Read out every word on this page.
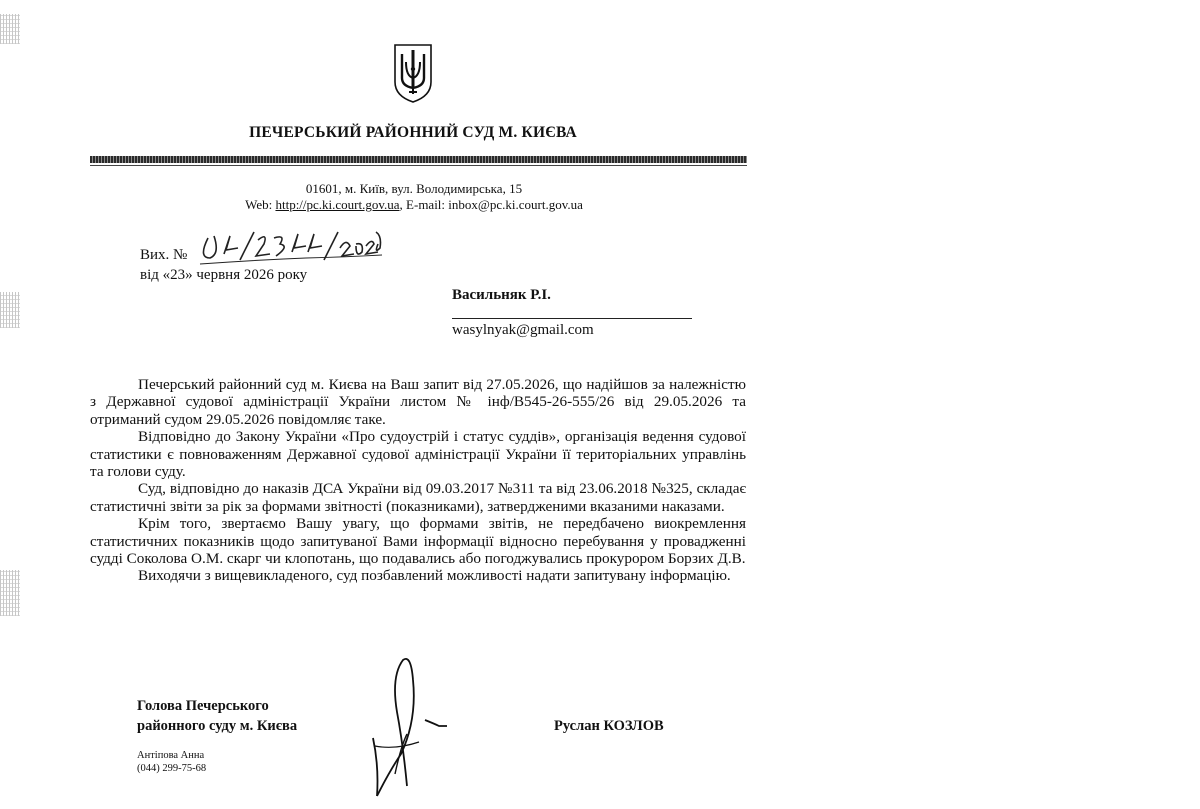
ПЕЧЕРСЬКИЙ РАЙОННИЙ СУД М. КИЄВА
01601, м. Київ, вул. Володимирська, 15
Web: http://pc.ki.court.gov.ua, E-mail: inbox@pc.ki.court.gov.ua
Вих. №
від «23» червня 2026 року
Васильняк Р.І.
wasylnyak@gmail.com

Печерський районний суд м. Києва на Ваш запит від 27.05.2026, що надійшов за належністю з Державної судової адміністрації України листом № інф/В545-26-555/26 від 29.05.2026 та отриманий судом 29.05.2026 повідомляє таке.

Відповідно до Закону України «Про судоустрій і статус суддів», організація ведення судової статистики є повноваженням Державної судової адміністрації України її територіальних управлінь та голови суду.

Суд, відповідно до наказів ДСА України від 09.03.2017 №311 та від 23.06.2018 №325, складає статистичні звіти за рік за формами звітності (показниками), затвердженими вказаними наказами.

Крім того, звертаємо Вашу увагу, що формами звітів, не передбачено виокремлення статистичних показників щодо запитуваної Вами інформації відносно перебування у провадженні судді Соколова О.М. скарг чи клопотань, що подавались або погоджувались прокурором Борзих Д.В.

Виходячи з вищевикладеного, суд позбавлений можливості надати запитувану інформацію.

Голова Печерського
районного суду м. Києва	Руслан КОЗЛОВ
Антіпова Анна
(044) 299-75-68
